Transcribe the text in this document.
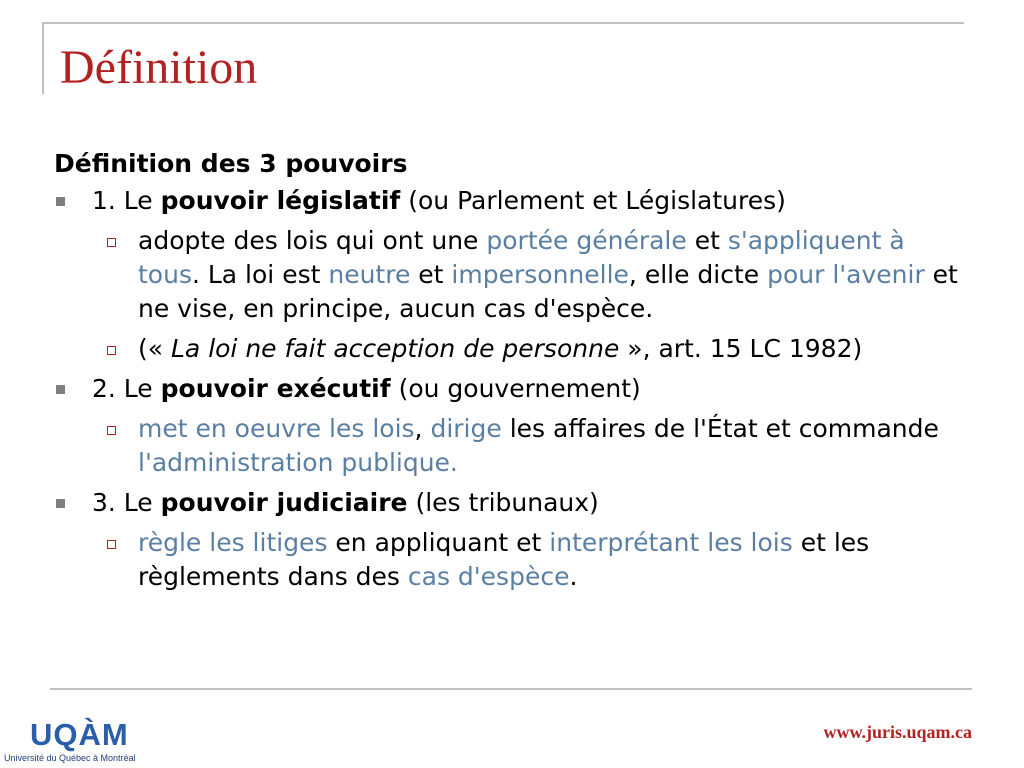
Définition
Définition des 3 pouvoirs
1. Le pouvoir législatif (ou Parlement et Législatures)
adopte des lois qui ont une portée générale et s'appliquent à tous. La loi est neutre et impersonnelle, elle dicte pour l'avenir et ne vise, en principe, aucun cas d'espèce.
(« La loi ne fait acception de personne », art. 15 LC 1982)
2. Le pouvoir exécutif (ou gouvernement)
met en oeuvre les lois, dirige les affaires de l'État et commande l'administration publique.
3. Le pouvoir judiciaire (les tribunaux)
règle les litiges en appliquant et interprétant les lois et les règlements dans des cas d'espèce.
UQÀM
Université du Québec à Montréal
www.juris.uqam.ca
